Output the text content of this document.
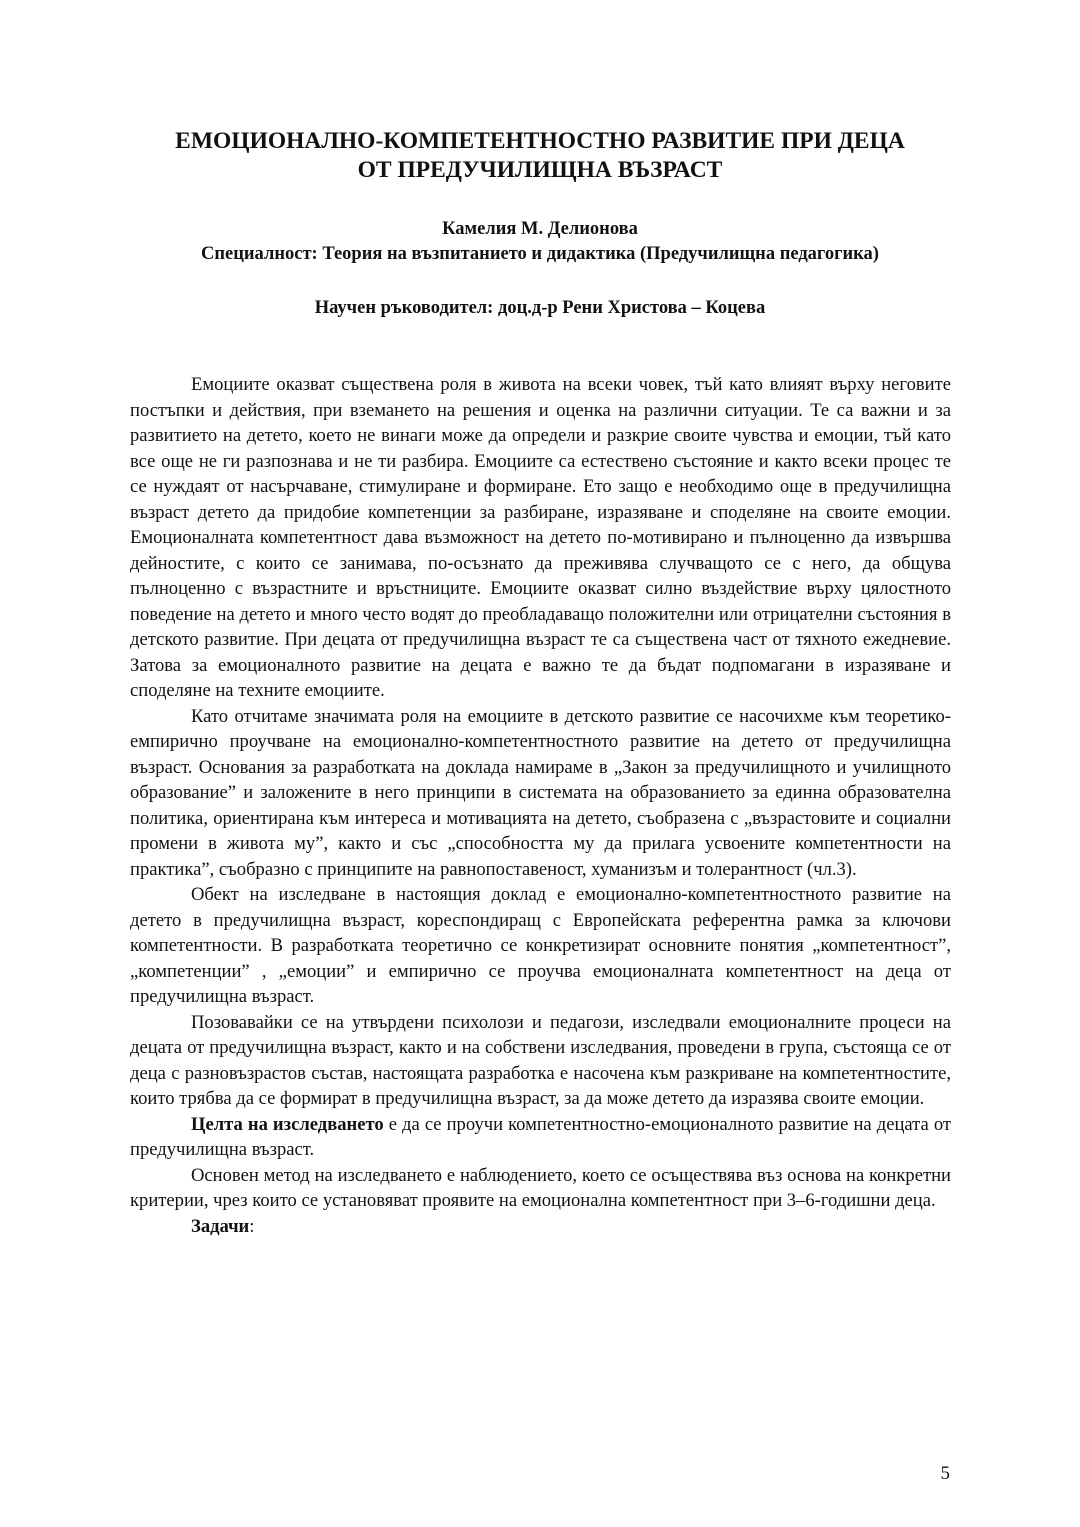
ЕМОЦИОНАЛНО-КОМПЕТЕНТНОСТНО РАЗВИТИЕ ПРИ ДЕЦА
ОТ ПРЕДУЧИЛИЩНА ВЪЗРАСТ

Камелия М. Делионова

Специалност: Теория на възпитанието и дидактика (Предучилищна педагогика)

Научен ръководител: доц.д-р Рени Христова – Коцева

Емоциите оказват съществена роля в живота на всеки човек, тъй като влияят върху неговите постъпки и действия, при вземането на решения и оценка на различни ситуации. Те са важни и за развитието на детето, което не винаги може да определи и разкрие своите чувства и емоции, тъй като все още не ги разпознава и не ти разбира. Емоциите са естествено състояние и както всеки процес те се нуждаят от насърчаване, стимулиране и формиране. Ето защо е необходимо още в предучилищна възраст детето да придобие компетенции за разбиране, изразяване и споделяне на своите емоции. Емоционалната компетентност дава възможност на детето по-мотивирано и пълноценно да извършва дейностите, с които се занимава, по-осъзнато да преживява случващото се с него, да общува пълноценно с възрастните и връстниците. Емоциите оказват силно въздействие върху цялостното поведение на детето и много често водят до преобладаващо положителни или отрицателни състояния в детското развитие. При децата от предучилищна възраст те са съществена част от тяхното ежедневие. Затова за емоционалното развитие на децата е важно те да бъдат подпомагани в изразяване и споделяне на техните емоциите.

Като отчитаме значимата роля на емоциите в детското развитие се насочихме към теоретико-емпирично проучване на емоционално-компетентностното развитие на детето от предучилищна възраст. Основания за разработката на доклада намираме в „Закон за предучилищното и училищното образование” и заложените в него принципи в системата на образованието за единна образователна политика, ориентирана към интереса и мотивацията на детето, съобразена с „възрастовите и социални промени в живота му”, както и със „способността му да прилага усвоените компетентности на практика”, съобразно с принципите на равнопоставеност, хуманизъм и толерантност (чл.3).

Обект на изследване в настоящия доклад е емоционално-компетентностното развитие на детето в предучилищна възраст, кореспондиращ с Европейската референтна рамка за ключови компетентности. В разработката теоретично се конкретизират основните понятия „компетентност”, „компетенции” , „емоции” и емпирично се проучва емоционалната компетентност на деца от предучилищна възраст.

Позовавайки се на утвърдени психолози и педагози, изследвали емоционалните процеси на децата от предучилищна възраст, както и на собствени изследвания, проведени в група, състояща се от деца с разновъзрастов състав, настоящата разработка е насочена към разкриване на компетентностите, които трябва да се формират в предучилищна възраст, за да може детето да изразява своите емоции.

Целта на изследването е да се проучи компетентностно-емоционалното развитие на децата от предучилищна възраст.

Основен метод на изследването е наблюдението, което се осъществява въз основа на конкретни критерии, чрез които се установяват проявите на емоционална компетентност при 3–6-годишни деца.

Задачи:

5
